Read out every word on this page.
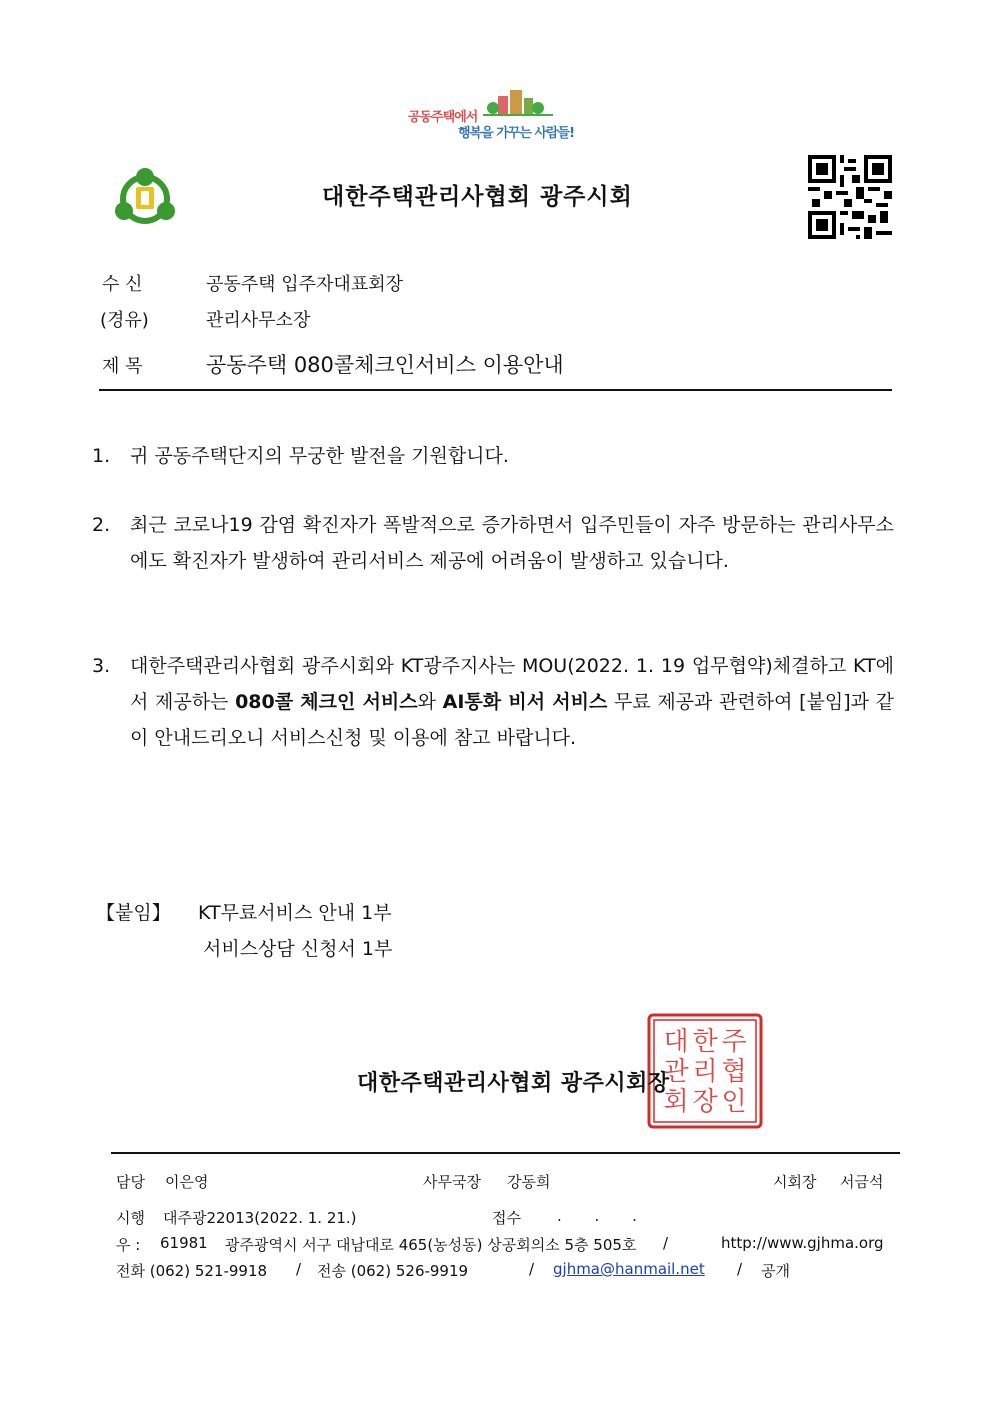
공동주택에서
행복을 가꾸는 사람들!
대한주택관리사협회 광주시회
수 신	공동주택 입주자대표회장
(경유)	관리사무소장
제 목	공동주택 080콜체크인서비스 이용안내
1. 귀 공동주택단지의 무궁한 발전을 기원합니다.
2. 최근 코로나19 감염 확진자가 폭발적으로 증가하면서 입주민들이 자주 방문하는 관리사무소에도 확진자가 발생하여 관리서비스 제공에 어려움이 발생하고 있습니다.
3. 대한주택관리사협회 광주시회와 KT광주지사는 MOU(2022. 1. 19 업무협약)체결하고 KT에서 제공하는 080콜 체크인 서비스와 AI통화 비서 서비스 무료 제공과 관련하여 [붙임]과 같이 안내드리오니 서비스신청 및 이용에 참고 바랍니다.
【붙임】 KT무료서비스 안내 1부
서비스상담 신청서 1부
대 한 주
관 리 협
회 장 인
대한주택관리사협회 광주시회장
담당 이은영	사무국장 강동희	시회장 서금석
시행 대주광22013(2022. 1. 21.)	접수 . . .
우 : 61981 광주광역시 서구 대남대로 465(농성동) 상공회의소 5층 505호 /	http://www.gjhma.org
전화 (062) 521-9918 / 전송 (062) 526-9919	/ gjhma@hanmail.net / 공개
